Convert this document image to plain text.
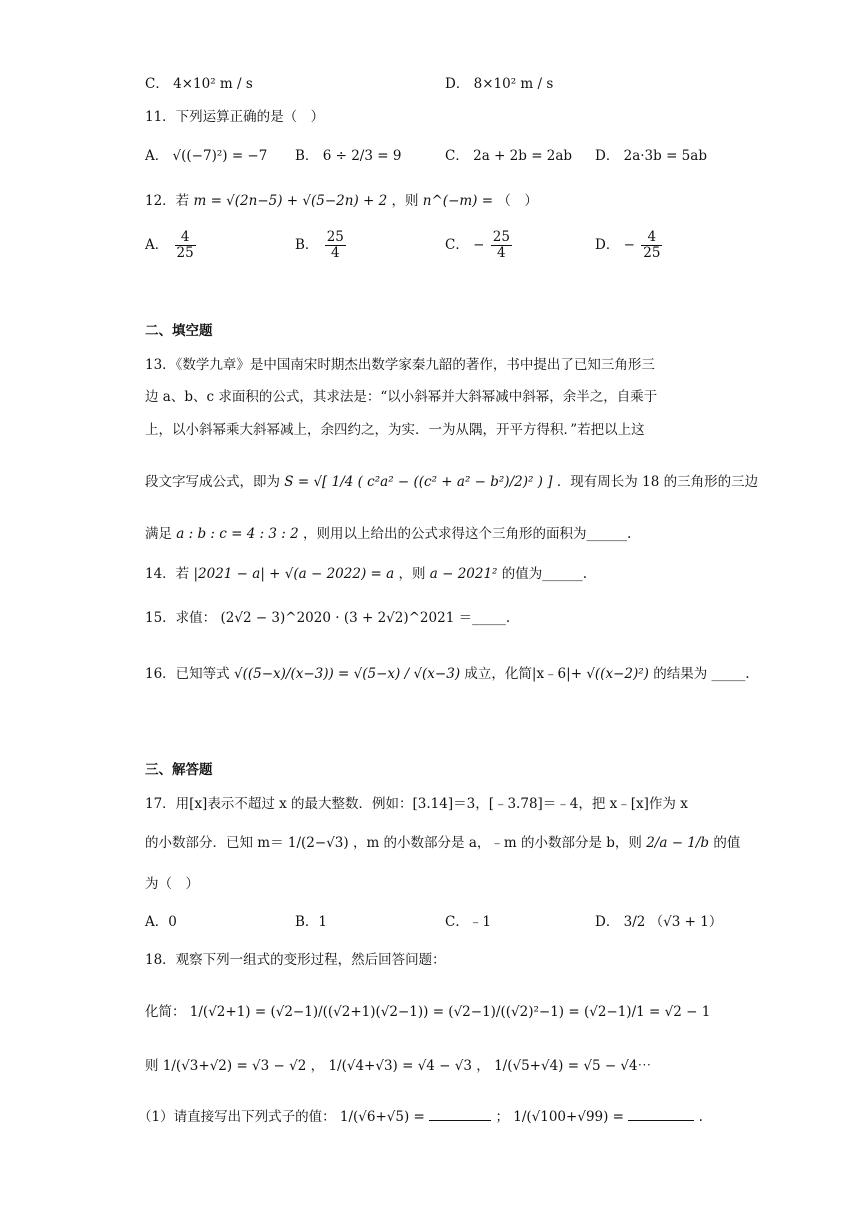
C． 4×10² m / s	D． 8×10² m / s
11．下列运算正确的是（　）
A． √((−7)²) = −7 B． 6 ÷ 2/3 = 9	C． 2a + 2b = 2ab D． 2a·3b = 5ab
12．若 m = √(2n−5) + √(5−2n) + 2 ，则 n^(−m) = （　）
A． $\frac{4}{25}$	B． $\frac{25}{4}$	C． − $\frac{25}{4}$	D． − $\frac{4}{25}$
二、填空题
13．《数学九章》是中国南宋时期杰出数学家秦九韶的著作，书中提出了已知三角形三
边 a、b、c 求面积的公式，其求法是：“以小斜幂并大斜幂减中斜幂，余半之，自乘于
上，以小斜幂乘大斜幂减上，余四约之，为实．一为从隅，开平方得积．”若把以上这
段文字写成公式，即为 S = √[ 1/4 ( c²a² − ((c² + a² − b²)/2)² ) ] ．现有周长为 18 的三角形的三边
满足 a : b : c = 4 : 3 : 2 ，则用以上给出的公式求得这个三角形的面积为______.
14．若 |2021 − a| + √(a − 2022) = a ，则 a − 2021² 的值为______.
15．求值： (2√2 − 3)^2020 · (3 + 2√2)^2021 ＝_____.
16．已知等式 √((5−x)/(x−3)) = √(5−x) / √(x−3) 成立，化简|x﹣6|+ √((x−2)²) 的结果为 _____.
三、解答题
17．用[x]表示不超过 x 的最大整数．例如：[3.14]＝3，[﹣3.78]＝﹣4，把 x﹣[x]作为 x
的小数部分．已知 m＝ 1/(2−√3) ，m 的小数部分是 a，﹣m 的小数部分是 b，则 2/a − 1/b 的值
为（　）
A．0	B．1	C．﹣1	D． 3/2 （√3 + 1）
18．观察下列一组式的变形过程，然后回答问题：
化简： 1/(√2+1) = (√2−1)/((√2+1)(√2−1)) = (√2−1)/((√2)²−1) = (√2−1)/1 = √2 − 1
则 1/(√3+√2) = √3 − √2 ， 1/(√4+√3) = √4 − √3 ， 1/(√5+√4) = √5 − √4⋯
（1）请直接写出下列式子的值： 1/(√6+√5) =	； 1/(√100+√99) =	.
